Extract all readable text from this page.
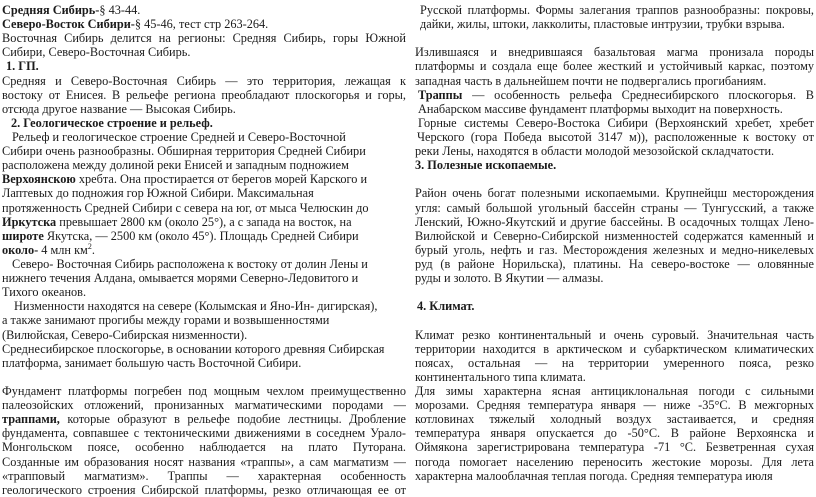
Средняя Сибирь-§ 43-44.
Северо-Восток Сибири-§ 45-46, тест стр 263-264.
Восточная Сибирь делится на регионы: Средняя Сибирь, горы Южной
Сибири, Северо-Восточная Сибирь.
1. ГП.
Средняя и Северо-Восточная Сибирь — это территория, лежащая к
востоку от Енисея. В рельефе региона преобладают плоскогорья и горы,
отсюда другое название — Высокая Сибирь.
2. Геологическое строение и рельеф.
Рельеф и геологическое строение Средней и Северо-Восточной
Сибири очень разнообразны. Обширная территория Средней Сибири
расположена между долиной реки Енисей и западным подножием
Верхоянскою хребта. Она простирается от берегов морей Карского и
Лаптевых до подножия гор Южной Сибири. Максимальная
протяженность Средней Сибири с севера на юг, от мыса Челюскин до
Иркутска превышает 2800 км (около 25°), а с запада на восток, на
широте Якутска, — 2500 км (около 45°). Площадь Средней Сибири
около- 4 млн $км^2$.
Северо- Восточная Сибирь расположена к востоку от долин Лены и
нижнего течения Алдана, омывается морями Северно-Ледовитого и
Тихого океанов.
Низменности находятся на севере (Колымская и Яно-Ин- дигирская),
а также занимают прогибы между горами и возвышенностями
(Вилюйская, Северо-Сибирская низменности).
Среднесибирское плоскогорье, в основании которого древняя Сибирская
платформа, занимает большую часть Восточной Сибири.

Фундамент платформы погребен под мощным чехлом преимущественно
палеозойских отложений, пронизанных магматическими породами —
траппами, которые образуют в рельефе подобие лестницы. Дробление
фундамента, совпавшее с тектоническими движениями в соседнем Урало-
Монгольском поясе, особенно наблюдается на плато Путорана.
Созданные им образования носят названия «траппы», а сам магматизм —
«трапповый магматизм». Траппы — характерная особенность
геологического строения Сибирской платформы, резко отличающая ее от
Русской платформы. Формы залегания траппов разнообразны: покровы,
дайки, жилы, штоки, лакколиты, пластовые интрузии, трубки взрыва.

Излившаяся и внедрившаяся базальтовая магма пронизала породы
платформы и создала еще более жесткий и устойчивый каркас, поэтому
западная часть в дальнейшем почти не подвергались прогибаниям.
Траппы — особенность рельефа Среднесибирского плоскогорья. В
Анабарском массиве фундамент платформы выходит на поверхность.
Горные системы Северо-Востока Сибири (Верхоянский хребет, хребет
Черского (гора Победа высотой 3147 м)), расположенные к востоку от
реки Лены, находятся в области молодой мезозойской складчатости.
3. Полезные ископаемые.

Район очень богат полезными ископаемыми. Крупнейцш месторождения
угля: самый большой угольный бассейн страны — Тунгусский, а также
Ленский, Южно-Якутский и другие бассейны. В осадочных толщах Лено-
Вилюйской и Северно-Сибирской низменностей содержатся каменный и
бурый уголь, нефть и газ. Месторождения железных и медно-никелевых
руд (в районе Норильска), платины. На северо-востоке — оловянные
руды и золото. В Якутии — алмазы.

4. Климат.

Климат резко континентальный и очень суровый. Значительная часть
территории находится в арктическом и субарктическом климатических
поясах, остальная — на территории умеренного пояса, резко
континентального типа климата.
Для зимы характерна ясная антициклональная погоди с сильными
морозами. Средняя температура января — ниже -35°С. В межгорных
котловинах тяжелый холодный воздух застаивается, и средняя
температура января опускается до -50°С. В районе Верхоянска и
Оймякона зарегистрирована температура -71 °С. Безветренная сухая
погода помогает населению переносить жестокие морозы. Для лета
характерна малооблачная теплая погода. Средняя температура июля
